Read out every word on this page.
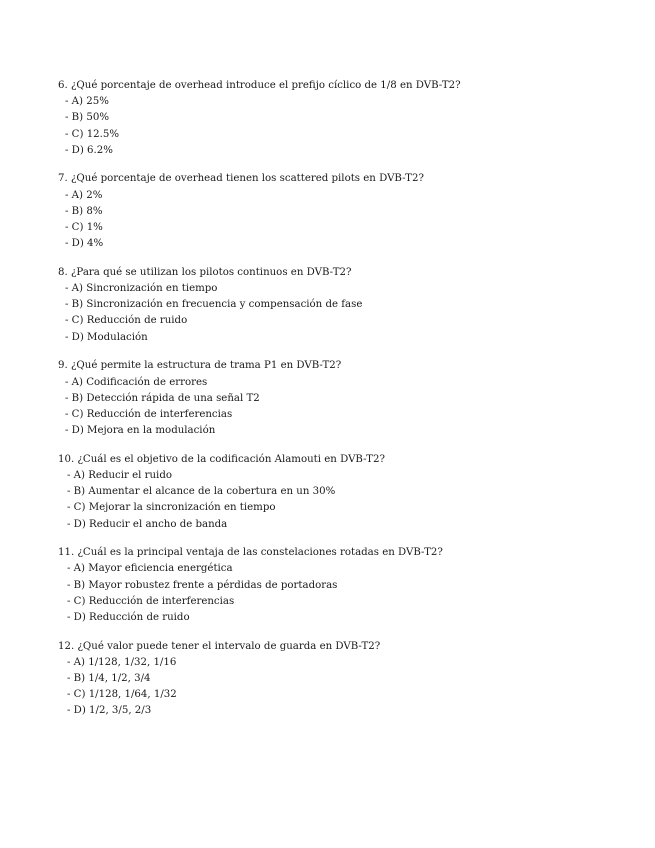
6. ¿Qué porcentaje de overhead introduce el prefijo cíclico de 1/8 en DVB-T2?
- A) 25%
- B) 50%
- C) 12.5%
- D) 6.2%
7. ¿Qué porcentaje de overhead tienen los scattered pilots en DVB-T2?
- A) 2%
- B) 8%
- C) 1%
- D) 4%
8. ¿Para qué se utilizan los pilotos continuos en DVB-T2?
- A) Sincronización en tiempo
- B) Sincronización en frecuencia y compensación de fase
- C) Reducción de ruido
- D) Modulación
9. ¿Qué permite la estructura de trama P1 en DVB-T2?
- A) Codificación de errores
- B) Detección rápida de una señal T2
- C) Reducción de interferencias
- D) Mejora en la modulación
10. ¿Cuál es el objetivo de la codificación Alamouti en DVB-T2?
- A) Reducir el ruido
- B) Aumentar el alcance de la cobertura en un 30%
- C) Mejorar la sincronización en tiempo
- D) Reducir el ancho de banda
11. ¿Cuál es la principal ventaja de las constelaciones rotadas en DVB-T2?
- A) Mayor eficiencia energética
- B) Mayor robustez frente a pérdidas de portadoras
- C) Reducción de interferencias
- D) Reducción de ruido
12. ¿Qué valor puede tener el intervalo de guarda en DVB-T2?
- A) 1/128, 1/32, 1/16
- B) 1/4, 1/2, 3/4
- C) 1/128, 1/64, 1/32
- D) 1/2, 3/5, 2/3
